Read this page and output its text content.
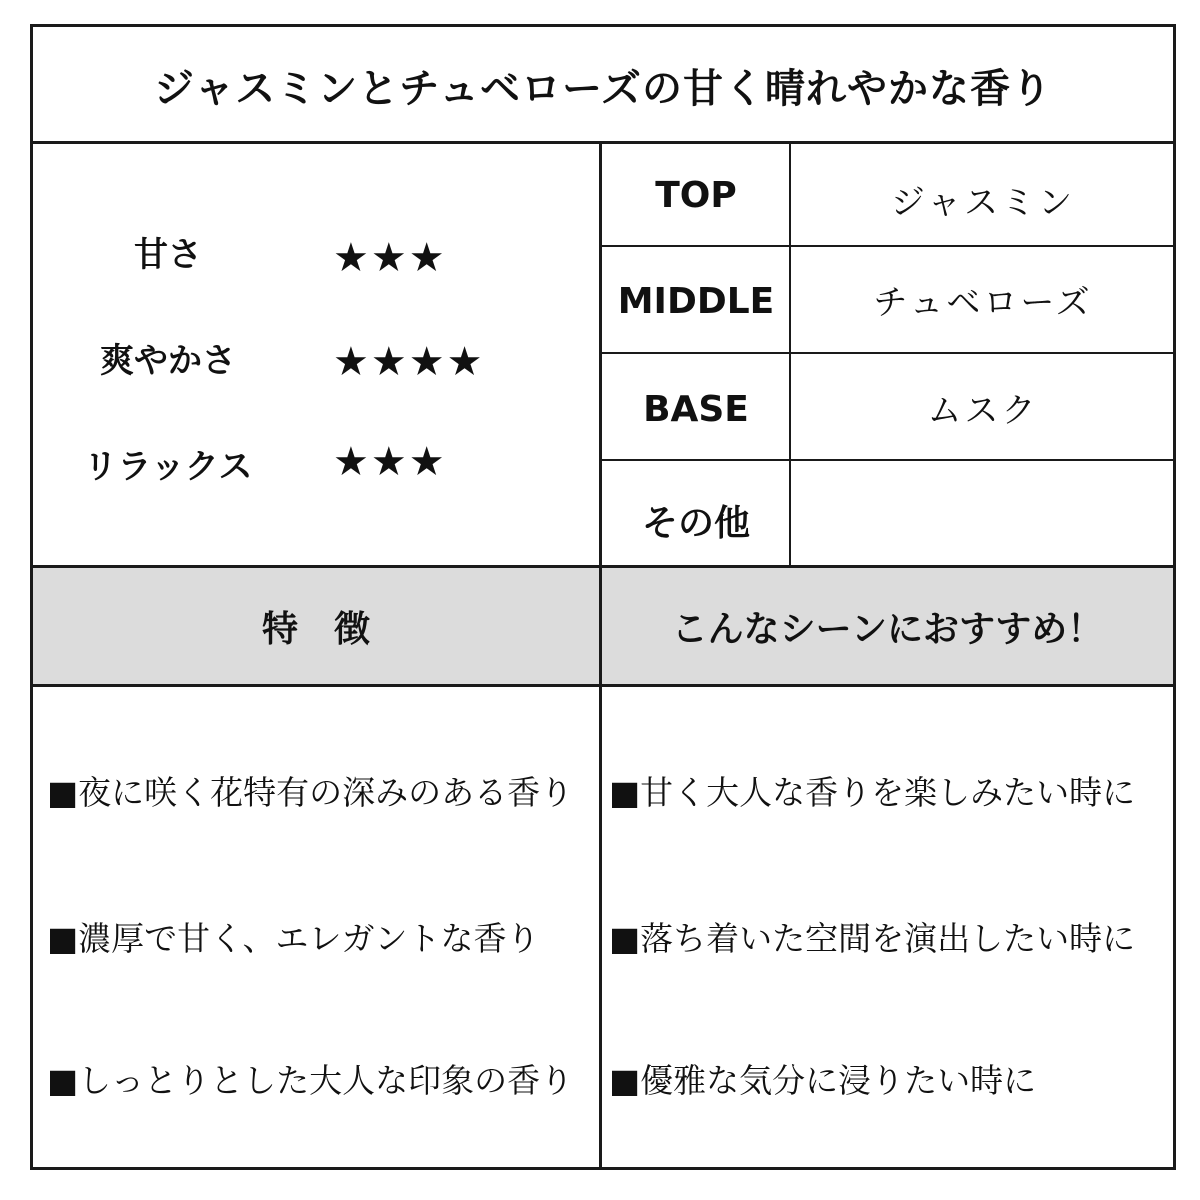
ジャスミンとチュベローズの甘く晴れやかな香り
甘さ	★★★
爽やかさ	★★★★
リラックス	★★★
TOP	ジャスミン
MIDDLE	チュベローズ
BASE	ムスク
その他
特　徴	こんなシーンにおすすめ！
■夜に咲く花特有の深みのある香り
■濃厚で甘く、エレガントな香り
■しっとりとした大人な印象の香り
■甘く大人な香りを楽しみたい時に
■落ち着いた空間を演出したい時に
■優雅な気分に浸りたい時に
